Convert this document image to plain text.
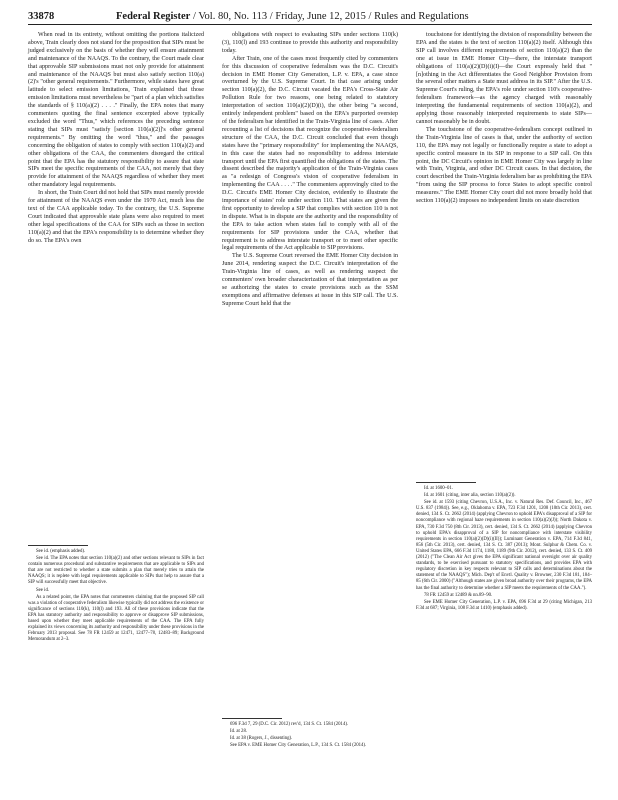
33878	Federal Register / Vol. 80, No. 113 / Friday, June 12, 2015 / Rules and Regulations

When read in its entirety, without omitting the portions italicized above, Train clearly does not stand for the proposition that SIPs must be judged exclusively on the basis of whether they will ensure attainment and maintenance of the NAAQS. To the contrary, the Court made clear that approvable SIP submissions must not only provide for attainment and maintenance of the NAAQS but must also satisfy section 110(a)(2)'s "other general requirements." Furthermore, while states have great latitude to select emission limitations, Train explained that those emission limitations must nevertheless be "part of a plan which satisfies the standards of § 110(a)(2) . . . ." Finally, the EPA notes that many commenters quoting the final sentence excerpted above typically excluded the word "Thus," which references the preceding sentence stating that SIPs must "satisfy [section 110(a)(2)]'s other general requirements." By omitting the word "thus," and the passages concerning the obligation of states to comply with section 110(a)(2) and other obligations of the CAA, the commenters disregard the critical point that the EPA has the statutory responsibility to assure that state SIPs meet the specific requirements of the CAA, not merely that they provide for attainment of the NAAQS regardless of whether they meet other mandatory legal requirements.

In short, the Train Court did not hold that SIPs must merely provide for attainment of the NAAQS even under the 1970 Act, much less the text of the CAA applicable today. To the contrary, the U.S. Supreme Court indicated that approvable state plans were also required to meet other legal specifications of the CAA for SIPs such as those in section 110(a)(2) and that the EPA's responsibility is to determine whether they do so. The EPA's own

obligations with respect to evaluating SIPs under sections 110(k)(3), 110(l) and 193 continue to provide this authority and responsibility today.

After Train, one of the cases most frequently cited by commenters for this discussion of cooperative federalism was the D.C. Circuit's decision in EME Homer City Generation, L.P. v. EPA, a case since overturned by the U.S. Supreme Court. In that case arising under section 110(a)(2), the D.C. Circuit vacated the EPA's Cross-State Air Pollution Rule for two reasons, one being related to statutory interpretation of section 110(a)(2)(D)(i), the other being "a second, entirely independent problem" based on the EPA's purported overstep of the federalism bar identified in the Train-Virginia line of cases. After recounting a list of decisions that recognize the cooperative-federalism structure of the CAA, the D.C. Circuit concluded that even though states have the "primary responsibility" for implementing the NAAQS, in this case the states had no responsibility to address interstate transport until the EPA first quantified the obligations of the states. The dissent described the majority's application of the Train-Virginia cases as "a redesign of Congress's vision of cooperative federalism in implementing the CAA . . . ." The commenters approvingly cited to the D.C. Circuit's EME Homer City decision, evidently to illustrate the importance of states' role under section 110. That states are given the first opportunity to develop a SIP that complies with section 110 is not in dispute. What is in dispute are the authority and the responsibility of the EPA to take action when states fail to comply with all of the requirements for SIP provisions under the CAA, whether that requirement is to address interstate transport or to meet other specific legal requirements of the Act applicable to SIP provisions.

The U.S. Supreme Court reversed the EME Homer City decision in June 2014, rendering suspect the D.C. Circuit's interpretation of the Train-Virginia line of cases, as well as rendering suspect the commenters' own broader characterization of that interpretation as per se authorizing the states to create provisions such as the SSM exemptions and affirmative defenses at issue in this SIP call. The U.S. Supreme Court held that the

touchstone for identifying the division of responsibility between the EPA and the states is the text of section 110(a)(2) itself. Although this SIP call involves different requirements of section 110(a)(2) than the one at issue in EME Homer City—there, the interstate transport obligations of 110(a)(2)(D)(i)(I)—the Court expressly held that "[n]othing in the Act differentiates the Good Neighbor Provision from the several other matters a State must address in its SIP." After the U.S. Supreme Court's ruling, the EPA's role under section 110's cooperative-federalism framework—as the agency charged with reasonably interpreting the fundamental requirements of section 110(a)(2), and applying those reasonably interpreted requirements to state SIPs—cannot reasonably be in doubt.

The touchstone of the cooperative-federalism concept outlined in the Train-Virginia line of cases is that, under the authority of section 110, the EPA may not legally or functionally require a state to adopt a specific control measure in its SIP in response to a SIP call. On this point, the DC Circuit's opinion in EME Homer City was largely in line with Train, Virginia, and other DC Circuit cases. In that decision, the court described the Train-Virginia federalism bar as prohibiting the EPA "from using the SIP process to force States to adopt specific control measures." The EME Homer City court did not more broadly hold that section 110(a)(2) imposes no independent limits on state discretion

See id. (emphasis added).

See id. The EPA notes that section 110(a)(2) and other sections relevant to SIPs in fact contain numerous procedural and substantive requirements that are applicable to SIPs and that are not restricted to whether a state submits a plan that merely tries to attain the NAAQS; it is replete with legal requirements applicable to SIPs that help to assure that a SIP will successfully meet that objective.

See id.

As a related point, the EPA notes that commenters claiming that the proposed SIP call was a violation of cooperative federalism likewise typically did not address the existence or significance of sections 110(k), 110(l) and 193. All of these provisions indicate that the EPA has statutory authority and responsibility to approve or disapprove SIP submissions, based upon whether they meet applicable requirements of the CAA. The EPA fully explained its views concerning its authority and responsibility under these provisions in the February 2013 proposal. See 78 FR 12459 at 12471, 12477–78, 12483–89; Background Memorandum at 2–3.

696 F.3d 7, 29 (D.C. Cir. 2012) rev'd, 134 S. Ct. 1584 (2014).

Id. at 28.

Id. at 38 (Rogers, J., dissenting).

See EPA v. EME Homer City Generation, L.P., 134 S. Ct. 1584 (2014).

Id. at 1600–01.

Id. at 1601 (citing, inter alia, section 110(a)(2)).

See id. at 1593 (citing Chevron, U.S.A., Inc. v. Natural Res. Def. Council, Inc., 467 U.S. 837 (1984)). See, e.g., Oklahoma v. EPA, 723 F.3d 1201, 1208 (10th Cir. 2013), cert. denied, 134 S. Ct. 2662 (2014) (applying Chevron to uphold EPA's disapproval of a SIP for noncompliance with regional haze requirements in section 110(a)(2)(J)); North Dakota v. EPA, 730 F.3d 750 (8th Cir. 2013), cert. denied, 134 S. Ct. 2662 (2014) (applying Chevron to uphold EPA's disapproval of a SIP for noncompliance with interstate visibility requirements in section 110(a)(2)(D)(i)(II)); Luminant Generation v. EPA, 714 F.3d 841, 856 (5th Cir. 2013), cert. denied, 134 S. Ct. 387 (2013); Mont. Sulphur & Chem. Co. v. United States EPA, 666 F.3d 1174, 1180, 1189 (9th Cir. 2012), cert. denied, 133 S. Ct. 409 (2012) ("The Clean Air Act gives the EPA significant national oversight over air quality standards, to be exercised pursuant to statutory specifications, and provides EPA with regulatory discretion in key respects relevant to SIP calls and determinations about the statement of the NAAQS"); Mich. Dep't of Envtl. Quality v. Browner, 230 F.3d 181, 184–85 (6th Cir. 2000) ("Although states are given broad authority over their programs, the EPA has the final authority to determine whether a SIP meets the requirements of the CAA.").

78 FR 12459 at 12489 & nn.89–90.

See EME Homer City Generation, L.P. v. EPA, 696 F.3d at 29 (citing Michigan, 213 F.3d at 687; Virginia, 108 F.3d at 1410) (emphasis added).
